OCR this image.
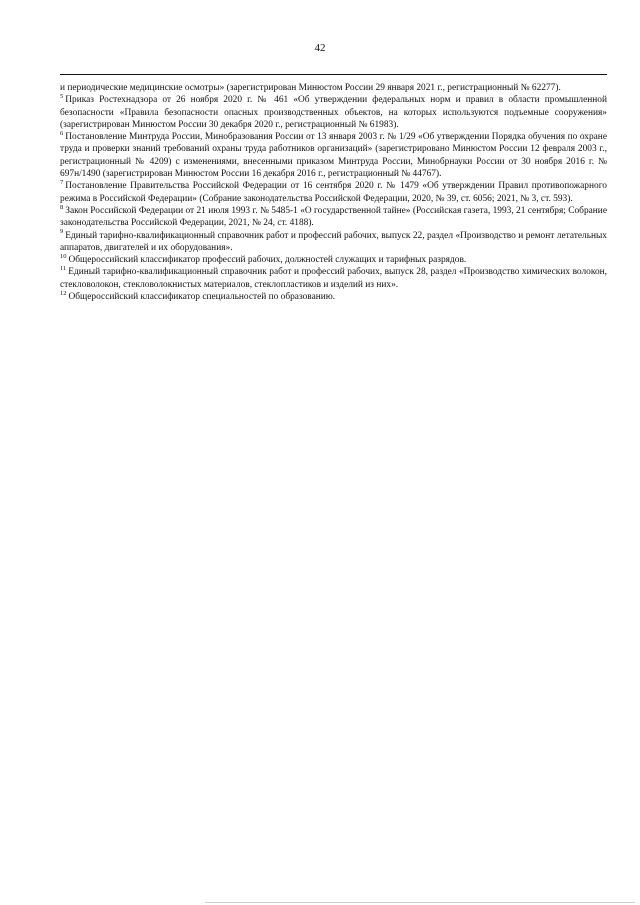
42

и периодические медицинские осмотры» (зарегистрирован Минюстом России 29 января 2021 г., регистрационный № 62277).

$^5$ Приказ Ростехнадзора от 26 ноября 2020 г. № 461 «Об утверждении федеральных норм и правил в области промышленной безопасности «Правила безопасности опасных производственных объектов, на которых используются подъемные сооружения» (зарегистрирован Минюстом России 30 декабря 2020 г., регистрационный № 61983).

$^6$ Постановление Минтруда России, Минобразования России от 13 января 2003 г. № 1/29 «Об утверждении Порядка обучения по охране труда и проверки знаний требований охраны труда работников организаций» (зарегистрировано Минюстом России 12 февраля 2003 г., регистрационный № 4209) с изменениями, внесенными приказом Минтруда России, Минобрнауки России от 30 ноября 2016 г. № 697н/1490 (зарегистрирован Минюстом России 16 декабря 2016 г., регистрационный № 44767).

$^7$ Постановление Правительства Российской Федерации от 16 сентября 2020 г. № 1479 «Об утверждении Правил противопожарного режима в Российской Федерации» (Собрание законодательства Российской Федерации, 2020, № 39, ст. 6056; 2021, № 3, ст. 593).

$^8$ Закон Российской Федерации от 21 июля 1993 г. № 5485-1 «О государственной тайне» (Российская газета, 1993, 21 сентября; Собрание законодательства Российской Федерации, 2021, № 24, ст. 4188).

$^9$ Единый тарифно-квалификационный справочник работ и профессий рабочих, выпуск 22, раздел «Производство и ремонт летательных аппаратов, двигателей и их оборудования».

$^{10}$ Общероссийский классификатор профессий рабочих, должностей служащих и тарифных разрядов.

$^{11}$ Единый тарифно-квалификационный справочник работ и профессий рабочих, выпуск 28, раздел «Производство химических волокон, стекловолокон, стекловолокнистых материалов, стеклопластиков и изделий из них».

$^{12}$ Общероссийский классификатор специальностей по образованию.
